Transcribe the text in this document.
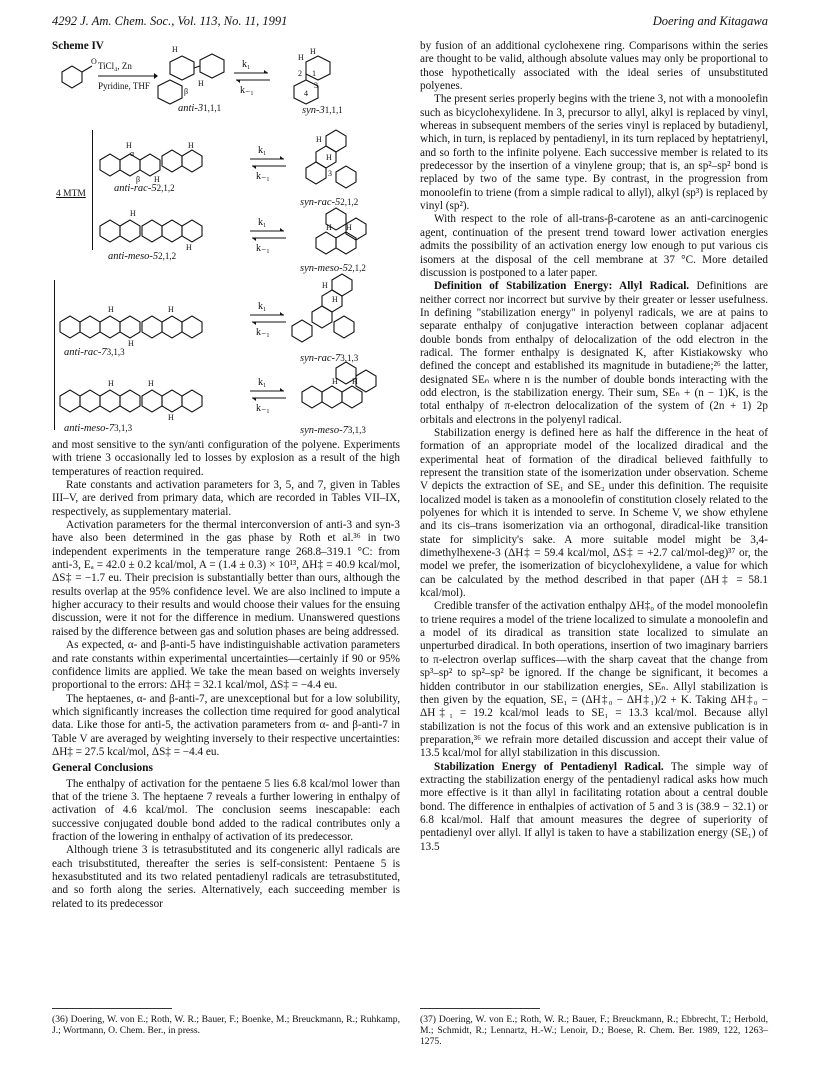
4292 J. Am. Chem. Soc., Vol. 113, No. 11, 1991	Doering and Kitagawa
Scheme IV
O TiCl₄, Zn
Pyridine, THF
H
H
β
anti-31,1,1
k₁
k₋₁
H
H
1
2
3
4
syn-31,1,1
4 MTM
H
α
β H
H
anti-rac-52,1,2
k₁
k₋₁
H
H
3
syn-rac-52,1,2
H
H
anti-meso-52,1,2
k₁
k₋₁
H H
syn-meso-52,1,2
H
H
H
anti-rac-73,1,3
k₁
k₋₁
H
H
syn-rac-73,1,3
H	H
H
anti-meso-73,1,3
k₁
k₋₁
H H
syn-meso-73,1,3

and most sensitive to the syn/anti configuration of the polyene. Experiments with triene 3 occasionally led to losses by explosion as a result of the high temperatures of reaction required.

Rate constants and activation parameters for 3, 5, and 7, given in Tables III–V, are derived from primary data, which are recorded in Tables VII–IX, respectively, as supplementary material.

Activation parameters for the thermal interconversion of anti-3 and syn-3 have also been determined in the gas phase by Roth et al.³⁶ in two independent experiments in the temperature range 268.8–319.1 °C: from anti-3, Eₐ = 42.0 ± 0.2 kcal/mol, A = (1.4 ± 0.3) × 10¹³, ΔH‡ = 40.9 kcal/mol, ΔS‡ = −1.7 eu. Their precision is substantially better than ours, although the results overlap at the 95% confidence level. We are also inclined to impute a higher accuracy to their results and would choose their values for the ensuing discussion, were it not for the difference in medium. Unanswered questions raised by the difference between gas and solution phases are being addressed.

As expected, α- and β-anti-5 have indistinguishable activation parameters and rate constants within experimental uncertainties—certainly if 90 or 95% confidence limits are applied. We take the mean based on weights inversely proportional to the errors: ΔH‡ = 32.1 kcal/mol, ΔS‡ = −4.4 eu.

The heptaenes, α- and β-anti-7, are unexceptional but for a low solubility, which significantly increases the collection time required for good analytical data. Like those for anti-5, the activation parameters from α- and β-anti-7 in Table V are averaged by weighting inversely to their respective uncertainties: ΔH‡ = 27.5 kcal/mol, ΔS‡ = −4.4 eu.

General Conclusions

The enthalpy of activation for the pentaene 5 lies 6.8 kcal/mol lower than that of the triene 3. The heptaene 7 reveals a further lowering in enthalpy of activation of 4.6 kcal/mol. The conclusion seems inescapable: each successive conjugated double bond added to the radical contributes only a fraction of the lowering in enthalpy of activation of its predecessor.

Although triene 3 is tetrasubstituted and its congeneric allyl radicals are each trisubstituted, thereafter the series is self-consistent: Pentaene 5 is hexasubstituted and its two related pentadienyl radicals are tetrasubstituted, and so forth along the series. Alternatively, each succeeding member is related to its predecessor

by fusion of an additional cyclohexene ring. Comparisons within the series are thought to be valid, although absolute values may only be proportional to those hypothetically associated with the ideal series of unsubstituted polyenes.

The present series properly begins with the triene 3, not with a monoolefin such as bicyclohexylidene. In 3, precursor to allyl, alkyl is replaced by vinyl, whereas in subsequent members of the series vinyl is replaced by butadienyl, which, in turn, is replaced by pentadienyl, in its turn replaced by heptatrienyl, and so forth to the infinite polyene. Each successive member is related to its predecessor by the insertion of a vinylene group; that is, an sp²–sp² bond is replaced by two of the same type. By contrast, in the progression from monoolefin to triene (from a simple radical to allyl), alkyl (sp³) is replaced by vinyl (sp²).

With respect to the role of all-trans-β-carotene as an anti-carcinogenic agent, continuation of the present trend toward lower activation energies admits the possibility of an activation energy low enough to put various cis isomers at the disposal of the cell membrane at 37 °C. More detailed discussion is postponed to a later paper.

Definition of Stabilization Energy: Allyl Radical. Definitions are neither correct nor incorrect but survive by their greater or lesser usefulness. In defining "stabilization energy" in polyenyl radicals, we are at pains to separate enthalpy of conjugative interaction between coplanar adjacent double bonds from enthalpy of delocalization of the odd electron in the radical. The former enthalpy is designated K, after Kistiakowsky who defined the concept and established its magnitude in butadiene;²⁶ the latter, designated SEₙ where n is the number of double bonds interacting with the odd electron, is the stabilization energy. Their sum, SEₙ + (n − 1)K, is the total enthalpy of π-electron delocalization of the system of (2n + 1) 2p orbitals and electrons in the polyenyl radical.

Stabilization energy is defined here as half the difference in the heat of formation of an appropriate model of the localized diradical and the experimental heat of formation of the diradical believed faithfully to represent the transition state of the isomerization under observation. Scheme V depicts the extraction of SE₁ and SE₂ under this definition. The requisite localized model is taken as a monoolefin of constitution closely related to the polyenes for which it is intended to serve. In Scheme V, we show ethylene and its cis–trans isomerization via an orthogonal, diradical-like transition state for simplicity's sake. A more suitable model might be 3,4-dimethylhexene-3 (ΔH‡ = 59.4 kcal/mol, ΔS‡ = +2.7 cal/mol-deg)³⁷ or, the model we prefer, the isomerization of bicyclohexylidene, a value for which can be calculated by the method described in that paper (ΔH‡ = 58.1 kcal/mol).

Credible transfer of the activation enthalpy ΔH‡₀ of the model monoolefin to triene requires a model of the triene localized to simulate a monoolefin and a model of its diradical as transition state localized to simulate an unperturbed diradical. In both operations, insertion of two imaginary barriers to π-electron overlap suffices—with the sharp caveat that the change from sp³–sp² to sp²–sp² be ignored. If the change be significant, it becomes a hidden contributor in our stabilization energies, SEₙ. Allyl stabilization is then given by the equation, SE₁ = (ΔH‡₀ − ΔH‡₁)/2 + K. Taking ΔH‡₀ − ΔH‡₁ = 19.2 kcal/mol leads to SE₁ = 13.3 kcal/mol. Because allyl stabilization is not the focus of this work and an extensive publication is in preparation,³⁶ we refrain more detailed discussion and accept their value of 13.5 kcal/mol for allyl stabilization in this discussion.

Stabilization Energy of Pentadienyl Radical. The simple way of extracting the stabilization energy of the pentadienyl radical asks how much more effective is it than allyl in facilitating rotation about a central double bond. The difference in enthalpies of activation of 5 and 3 is (38.9 − 32.1) or 6.8 kcal/mol. Half that amount measures the degree of superiority of pentadienyl over allyl. If allyl is taken to have a stabilization energy (SE₁) of 13.5

(36) Doering, W. von E.; Roth, W. R.; Bauer, F.; Boenke, M.; Breuckmann, R.; Ruhkamp, J.; Wortmann, O. Chem. Ber., in press.
(37) Doering, W. von E.; Roth, W. R.; Bauer, F.; Breuckmann, R.; Ebbrecht, T.; Herbold, M.; Schmidt, R.; Lennartz, H.-W.; Lenoir, D.; Boese, R. Chem. Ber. 1989, 122, 1263–1275.
